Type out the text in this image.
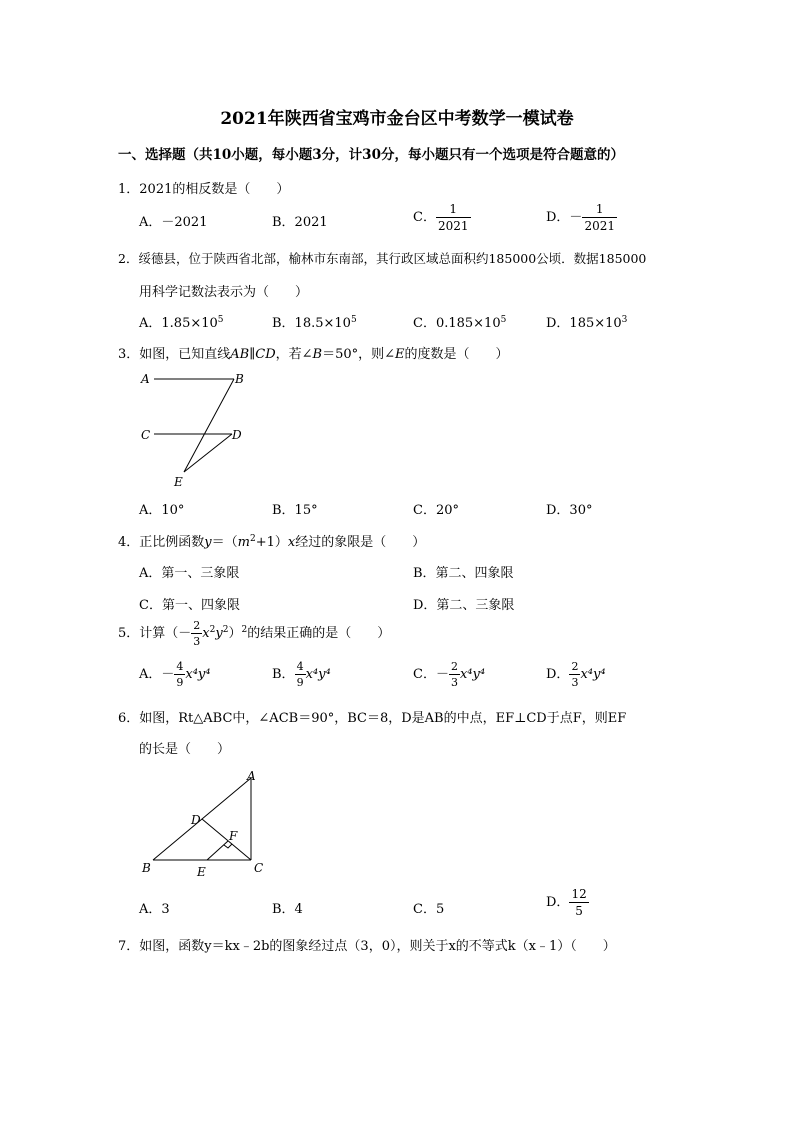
2021年陕西省宝鸡市金台区中考数学一模试卷
一、选择题（共10小题，每小题3分，计30分，每小题只有一个选项是符合题意的）
1．2021的相反数是（　　）
A．－2021	B．2021	C． $\frac{1}{2021}$	D．－ $\frac{1}{2021}$
2．绥德县，位于陕西省北部，榆林市东南部，其行政区域总面积约185000公顷．数据185000
用科学记数法表示为（　　）
A．$1.85\times 10^5$	B．$18.5\times 10^5$	C．$0.185\times 10^5$	D．$185\times 10^3$
3．如图，已知直线AB∥CD，若∠B＝50°，则∠E的度数是（　　）
A	B
C	D
E
A．10°	B．15°	C．20°	D．30°
4．正比例函数$y=(m^2+1)x$经过的象限是（　　）
A．第一、三象限	B．第二、四象限
C．第一、四象限	D．第二、三象限
5．计算（－ $\frac{2}{3} x^2y^2)^2$的结果正确的是（　　）
A．－ $\frac{4}{9} x^4y^4$	B． $\frac{4}{9} x^4y^4$	C．－ $\frac{2}{3} x^4y^4$	D． $\frac{2}{3} x^4y^4$
6．如图，Rt△ABC中，∠ACB＝90°，BC＝8，D是AB的中点，EF⊥CD于点F，则EF
的长是（　　）
A
B	C
D
E
F
A．3	B．4	C．5	D． $\frac{12}{5}$
7．如图，函数y＝kx﹣2b的图象经过点（3，0），则关于x的不等式k（x﹣1）（　　）
